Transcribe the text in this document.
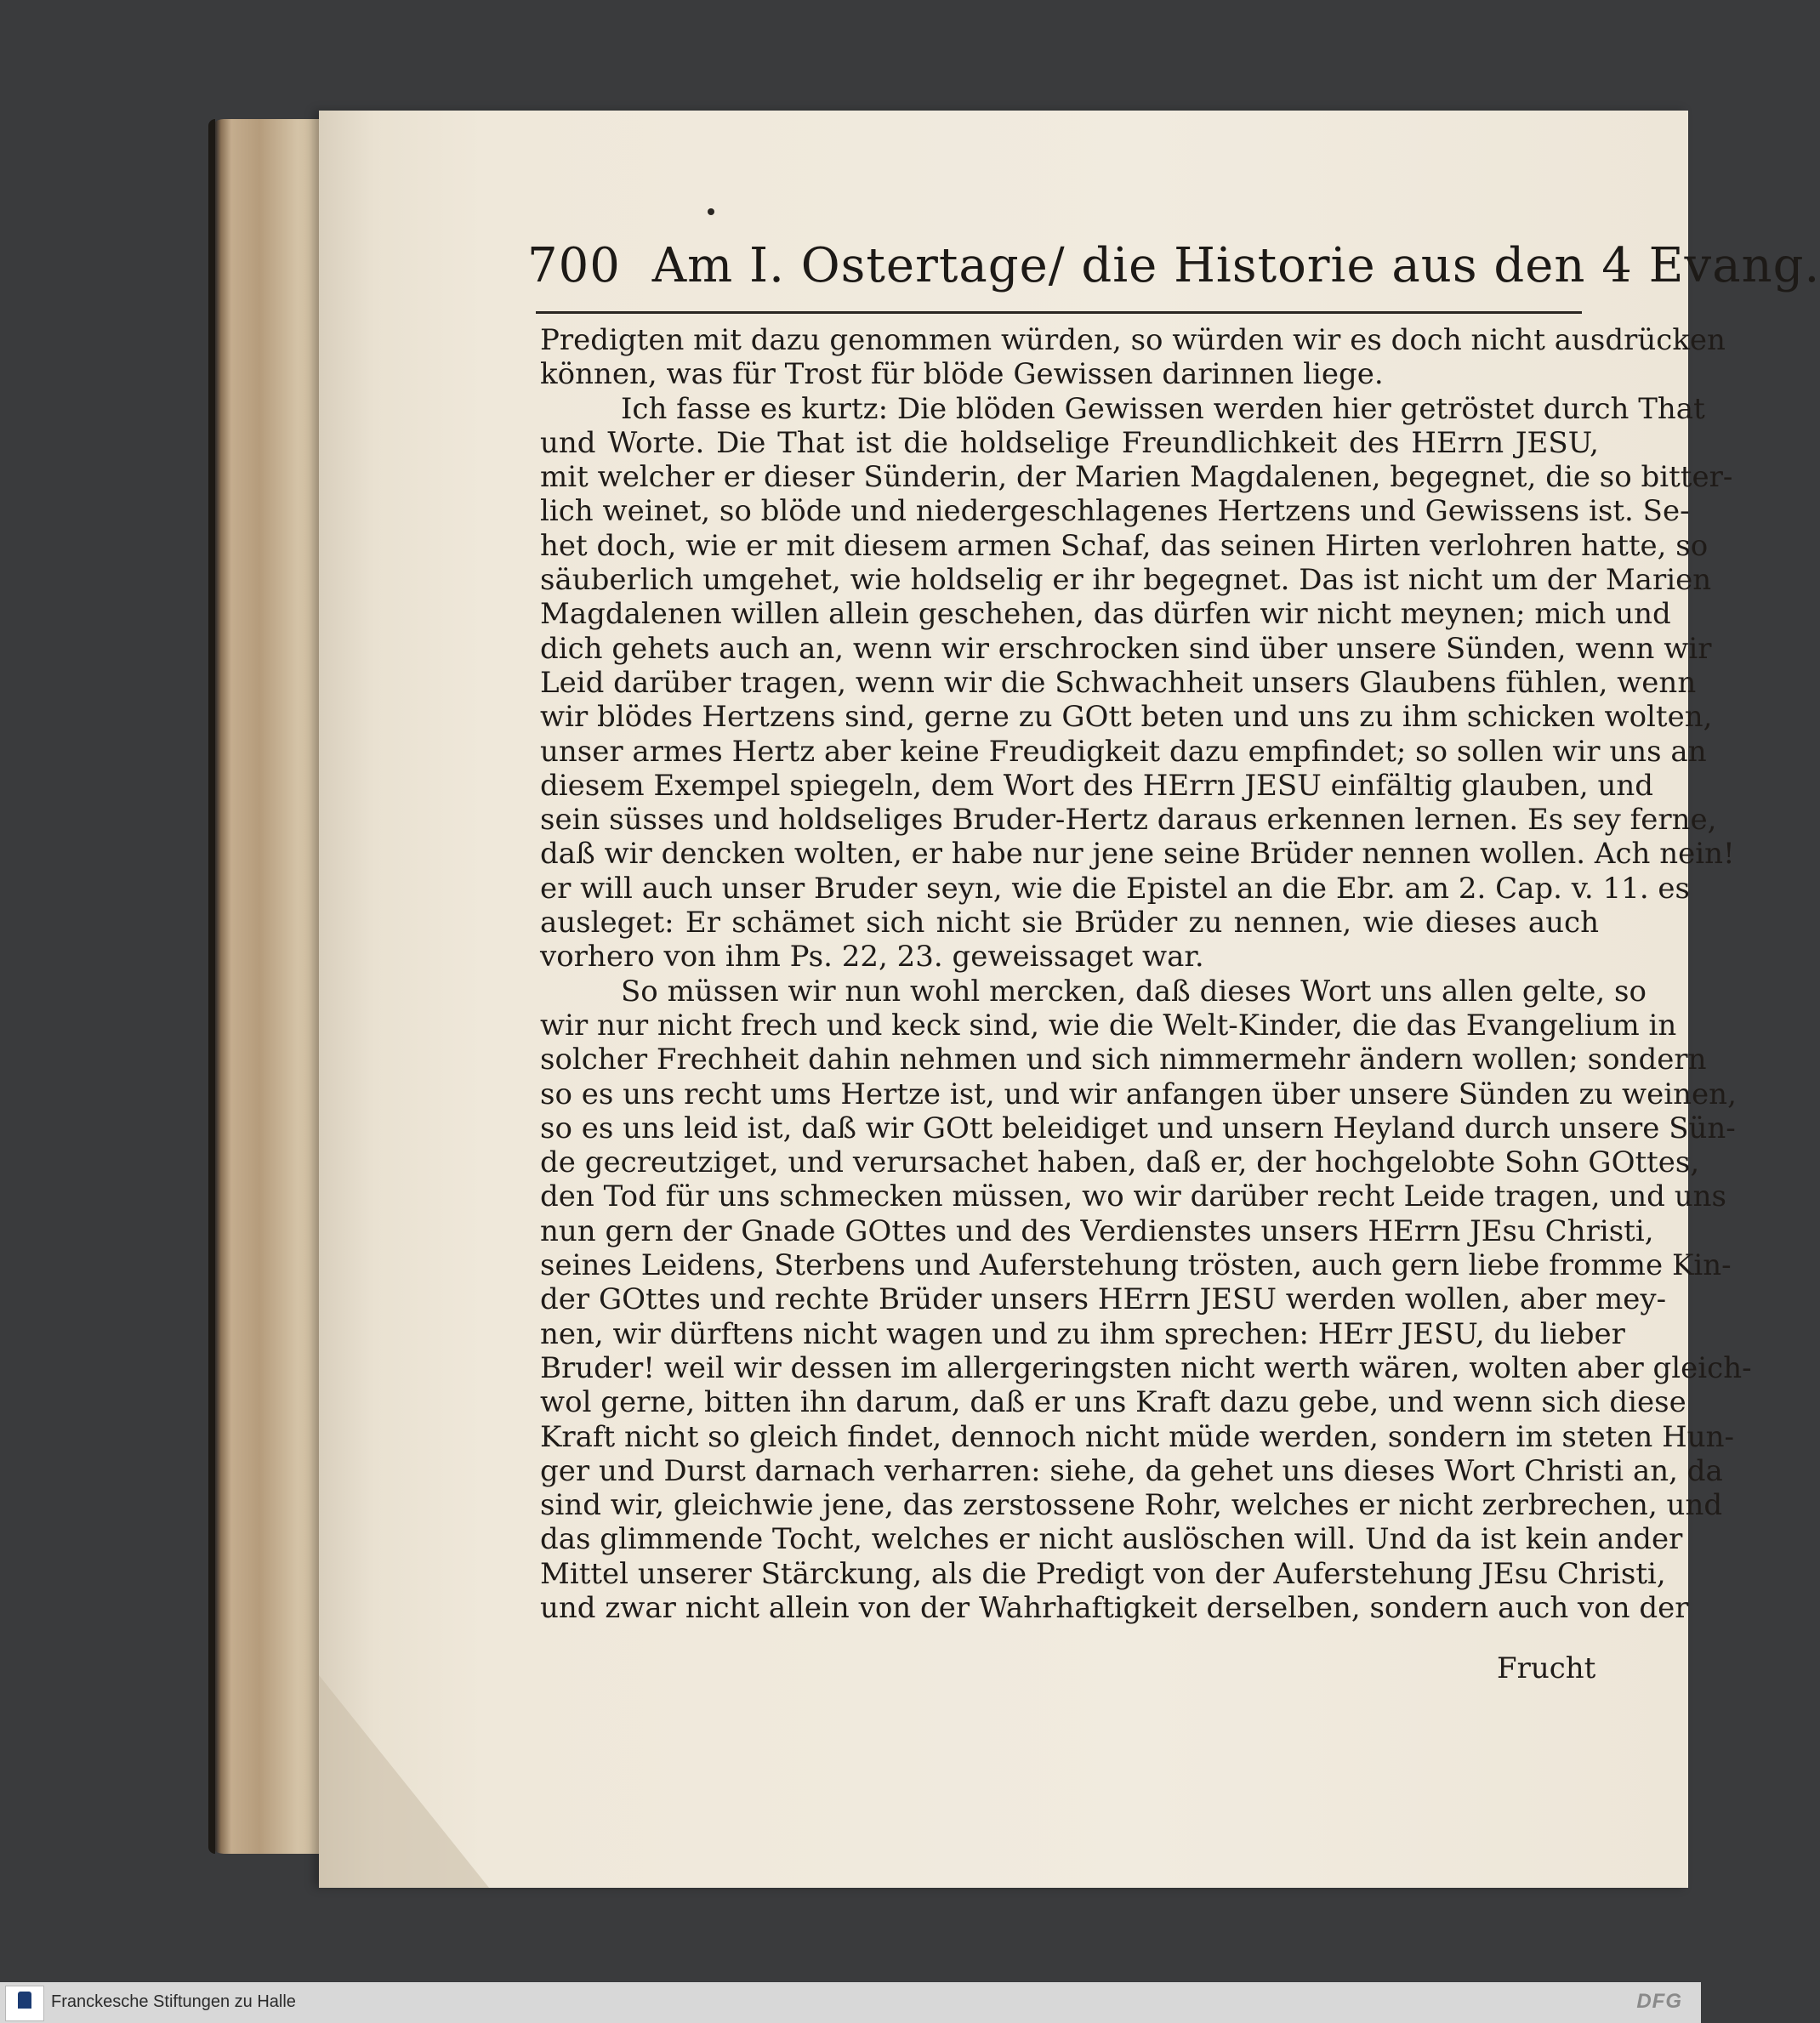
700 Am I. Ostertage/ die Historie aus den 4 Evang.
Predigten mit dazu genommen würden, so würden wir es doch nicht ausdrücken
können, was für Trost für blöde Gewissen darinnen liege.
Ich fasse es kurtz: Die blöden Gewissen werden hier getröstet durch That
und Worte. Die That ist die holdselige Freundlichkeit des HErrn JESU,
mit welcher er dieser Sünderin, der Marien Magdalenen, begegnet, die so bitter-
lich weinet, so blöde und niedergeschlagenes Hertzens und Gewissens ist. Se-
het doch, wie er mit diesem armen Schaf, das seinen Hirten verlohren hatte, so
säuberlich umgehet, wie holdselig er ihr begegnet. Das ist nicht um der Marien
Magdalenen willen allein geschehen, das dürfen wir nicht meynen; mich und
dich gehets auch an, wenn wir erschrocken sind über unsere Sünden, wenn wir
Leid darüber tragen, wenn wir die Schwachheit unsers Glaubens fühlen, wenn
wir blödes Hertzens sind, gerne zu GOtt beten und uns zu ihm schicken wolten,
unser armes Hertz aber keine Freudigkeit dazu empfindet; so sollen wir uns an
diesem Exempel spiegeln, dem Wort des HErrn JESU einfältig glauben, und
sein süsses und holdseliges Bruder-Hertz daraus erkennen lernen. Es sey ferne,
daß wir dencken wolten, er habe nur jene seine Brüder nennen wollen. Ach nein!
er will auch unser Bruder seyn, wie die Epistel an die Ebr. am 2. Cap. v. 11. es
ausleget: Er schämet sich nicht sie Brüder zu nennen, wie dieses auch
vorhero von ihm Ps. 22, 23. geweissaget war.
So müssen wir nun wohl mercken, daß dieses Wort uns allen gelte, so
wir nur nicht frech und keck sind, wie die Welt-Kinder, die das Evangelium in
solcher Frechheit dahin nehmen und sich nimmermehr ändern wollen; sondern
so es uns recht ums Hertze ist, und wir anfangen über unsere Sünden zu weinen,
so es uns leid ist, daß wir GOtt beleidiget und unsern Heyland durch unsere Sün-
de gecreutziget, und verursachet haben, daß er, der hochgelobte Sohn GOttes,
den Tod für uns schmecken müssen, wo wir darüber recht Leide tragen, und uns
nun gern der Gnade GOttes und des Verdienstes unsers HErrn JEsu Christi,
seines Leidens, Sterbens und Auferstehung trösten, auch gern liebe fromme Kin-
der GOttes und rechte Brüder unsers HErrn JESU werden wollen, aber mey-
nen, wir dürftens nicht wagen und zu ihm sprechen: HErr JESU, du lieber
Bruder! weil wir dessen im allergeringsten nicht werth wären, wolten aber gleich-
wol gerne, bitten ihn darum, daß er uns Kraft dazu gebe, und wenn sich diese
Kraft nicht so gleich findet, dennoch nicht müde werden, sondern im steten Hun-
ger und Durst darnach verharren: siehe, da gehet uns dieses Wort Christi an, da
sind wir, gleichwie jene, das zerstossene Rohr, welches er nicht zerbrechen, und
das glimmende Tocht, welches er nicht auslöschen will. Und da ist kein ander
Mittel unserer Stärckung, als die Predigt von der Auferstehung JEsu Christi,
und zwar nicht allein von der Wahrhaftigkeit derselben, sondern auch von der
Frucht
Franckesche Stiftungen zu Halle	DFG
